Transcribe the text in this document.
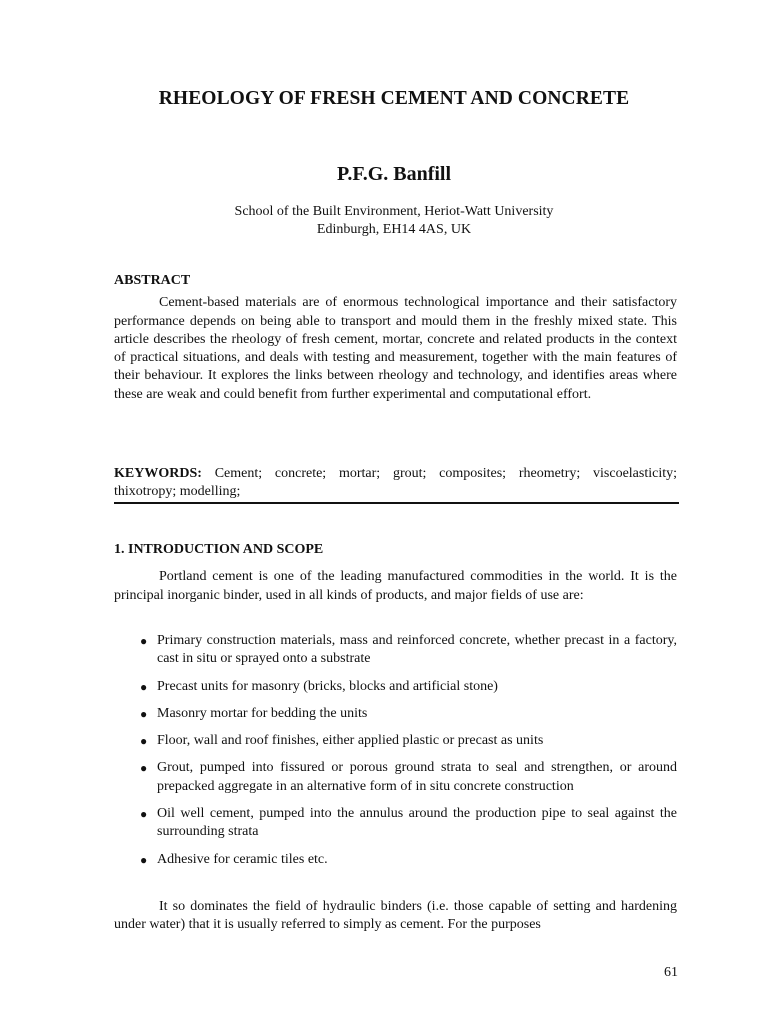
RHEOLOGY OF FRESH CEMENT AND CONCRETE
P.F.G. Banfill
School of the Built Environment, Heriot-Watt University
Edinburgh, EH14 4AS, UK
ABSTRACT
Cement-based materials are of enormous technological importance and their satisfactory performance depends on being able to transport and mould them in the freshly mixed state. This article describes the rheology of fresh cement, mortar, concrete and related products in the context of practical situations, and deals with testing and measurement, together with the main features of their behaviour. It explores the links between rheology and technology, and identifies areas where these are weak and could benefit from further experimental and computational effort.
KEYWORDS: Cement; concrete; mortar; grout; composites; rheometry; viscoelasticity; thixotropy; modelling;
1. INTRODUCTION AND SCOPE
Portland cement is one of the leading manufactured commodities in the world. It is the principal inorganic binder, used in all kinds of products, and major fields of use are:
● Primary construction materials, mass and reinforced concrete, whether precast in a factory, cast in situ or sprayed onto a substrate
● Precast units for masonry (bricks, blocks and artificial stone)
● Masonry mortar for bedding the units
● Floor, wall and roof finishes, either applied plastic or precast as units
● Grout, pumped into fissured or porous ground strata to seal and strengthen, or around prepacked aggregate in an alternative form of in situ concrete construction
● Oil well cement, pumped into the annulus around the production pipe to seal against the surrounding strata
● Adhesive for ceramic tiles etc.
It so dominates the field of hydraulic binders (i.e. those capable of setting and hardening under water) that it is usually referred to simply as cement. For the purposes
61
